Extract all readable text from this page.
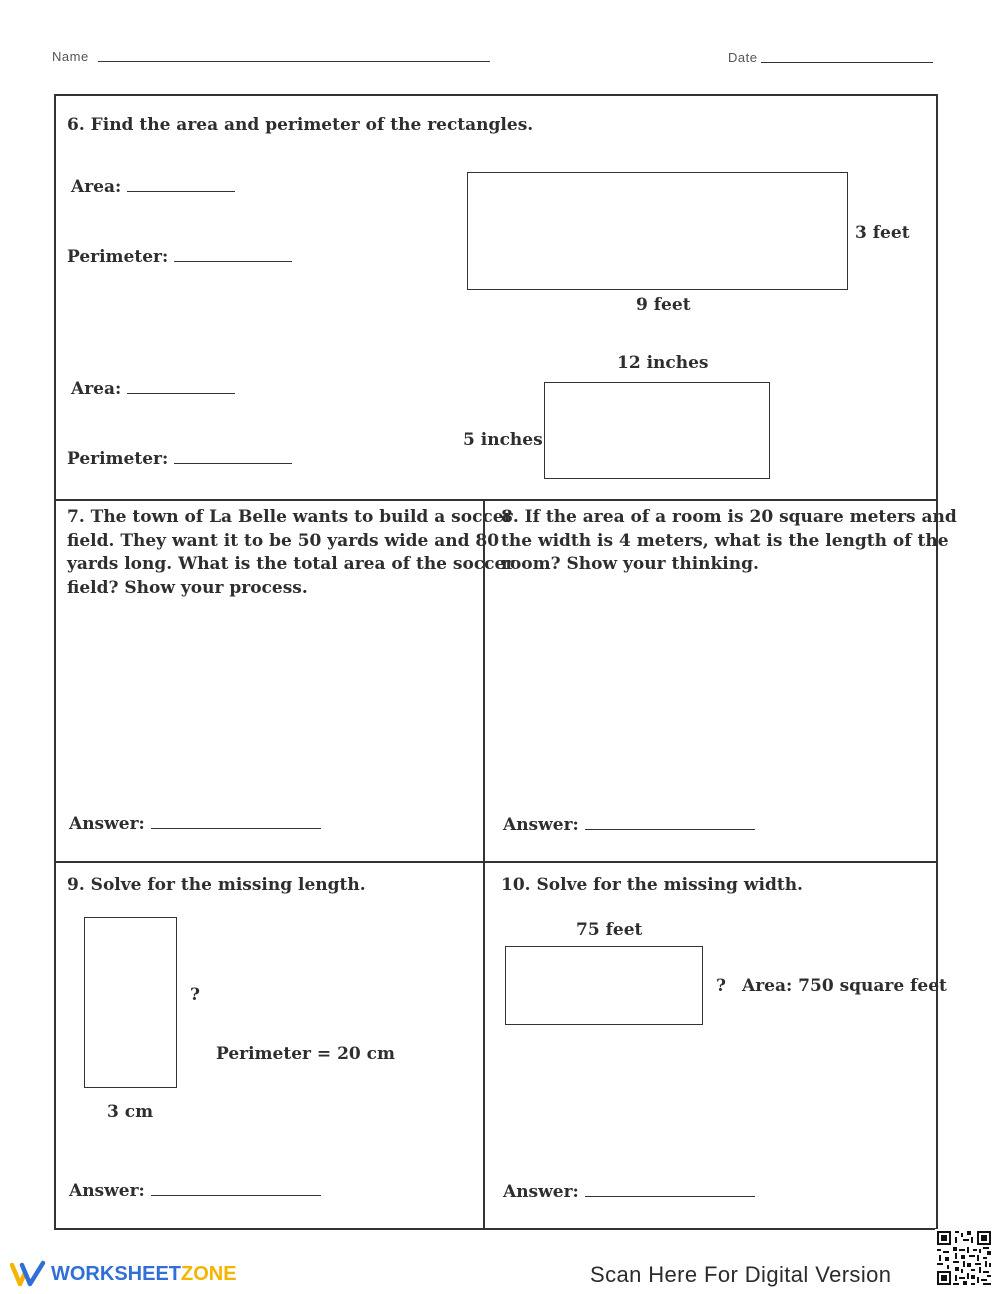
Name	Date
6. Find the area and perimeter of the rectangles.
Area:
Perimeter:
3 feet
9 feet
Area:
Perimeter:
12 inches
5 inches
7. The town of La Belle wants to build a soccer
field. They want it to be 50 yards wide and 80
yards long. What is the total area of the soccer
field? Show your process.
Answer:
8. If the area of a room is 20 square meters and
the width is 4 meters, what is the length of the
room? Show your thinking.
Answer:
9. Solve for the missing length.
?
Perimeter = 20 cm
3 cm
Answer:
10. Solve for the missing width.
75 feet
? Area: 750 square feet
Answer:
WORKSHEET ZONE	Scan Here For Digital Version
